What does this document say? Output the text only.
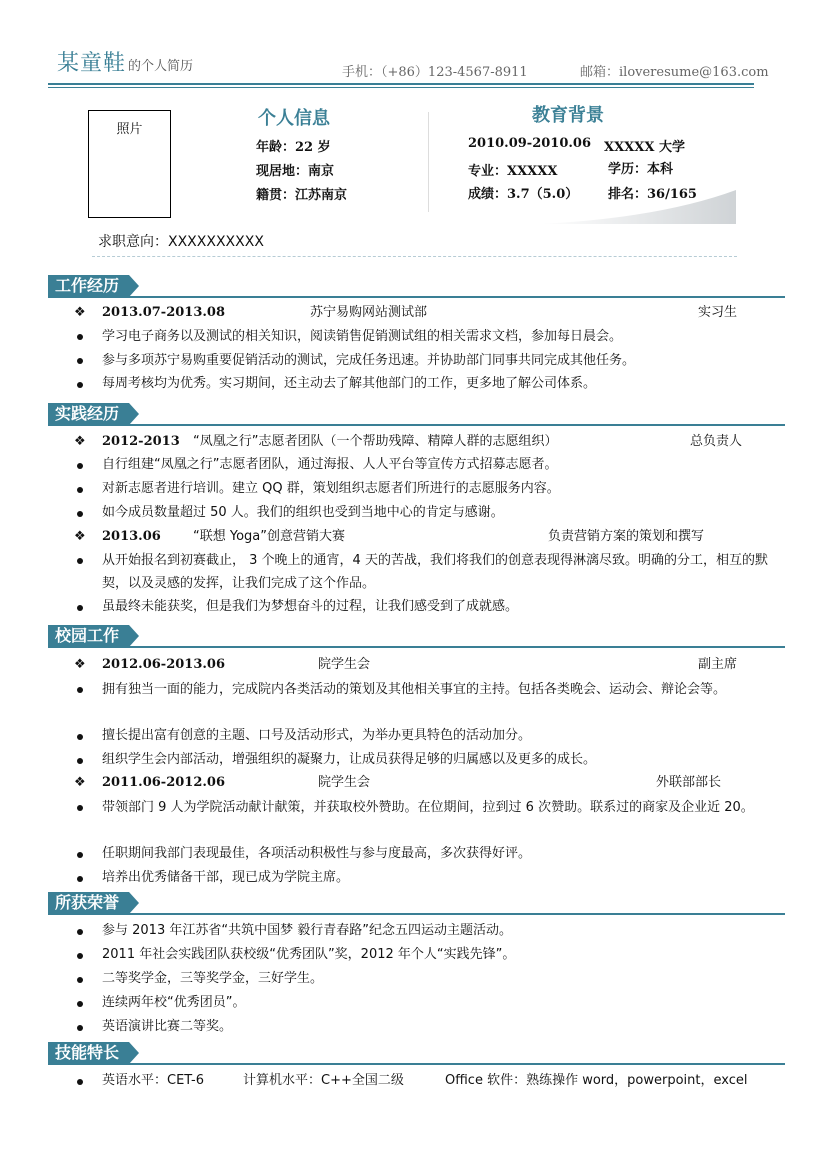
某童鞋 的个人简历	手机：（+86）123-4567-8911	邮箱：iloveresume@163.com
照片
个人信息
年龄：22 岁
现居地：南京
籍贯：江苏南京
教育背景
2010.09-2010.06 XXXXX 大学
专业：XXXXX	学历：本科
成绩：3.7（5.0） 排名：36/165
求职意向：XXXXXXXXXX
工作经历
❖ 2013.07-2013.08	苏宁易购网站测试部	实习生
学习电子商务以及测试的相关知识，阅读销售促销测试组的相关需求文档，参加每日晨会。
参与多项苏宁易购重要促销活动的测试，完成任务迅速。并协助部门同事共同完成其他任务。
每周考核均为优秀。实习期间，还主动去了解其他部门的工作，更多地了解公司体系。
实践经历
❖ 2012-2013 “凤凰之行”志愿者团队（一个帮助残障、精障人群的志愿组织）	总负责人
自行组建“凤凰之行”志愿者团队，通过海报、人人平台等宣传方式招募志愿者。
对新志愿者进行培训。建立 QQ 群，策划组织志愿者们所进行的志愿服务内容。
如今成员数量超过 50 人。我们的组织也受到当地中心的肯定与感谢。
❖ 2013.06 “联想 Yoga”创意营销大赛	负责营销方案的策划和撰写
从开始报名到初赛截止， 3 个晚上的通宵，4 天的苦战，我们将我们的创意表现得淋漓尽致。明确的分工，相互的默契，以及灵感的发挥，让我们完成了这个作品。
虽最终未能获奖，但是我们为梦想奋斗的过程，让我们感受到了成就感。
校园工作
❖ 2012.06-2013.06	院学生会	副主席
拥有独当一面的能力，完成院内各类活动的策划及其他相关事宜的主持。包括各类晚会、运动会、辩论会等。
擅长提出富有创意的主题、口号及活动形式，为举办更具特色的活动加分。
组织学生会内部活动，增强组织的凝聚力，让成员获得足够的归属感以及更多的成长。
❖ 2011.06-2012.06	院学生会	外联部部长
带领部门 9 人为学院活动献计献策，并获取校外赞助。在位期间，拉到过 6 次赞助。联系过的商家及企业近 20。
任职期间我部门表现最佳，各项活动积极性与参与度最高，多次获得好评。
培养出优秀储备干部，现已成为学院主席。
所获荣誉
参与 2013 年江苏省“共筑中国梦 毅行青春路”纪念五四运动主题活动。
2011 年社会实践团队获校级“优秀团队”奖，2012 年个人“实践先锋”。
二等奖学金，三等奖学金，三好学生。
连续两年校“优秀团员”。
英语演讲比赛二等奖。
技能特长
英语水平：CET-6	计算机水平：C++全国二级	Office 软件：熟练操作 word，powerpoint，excel
